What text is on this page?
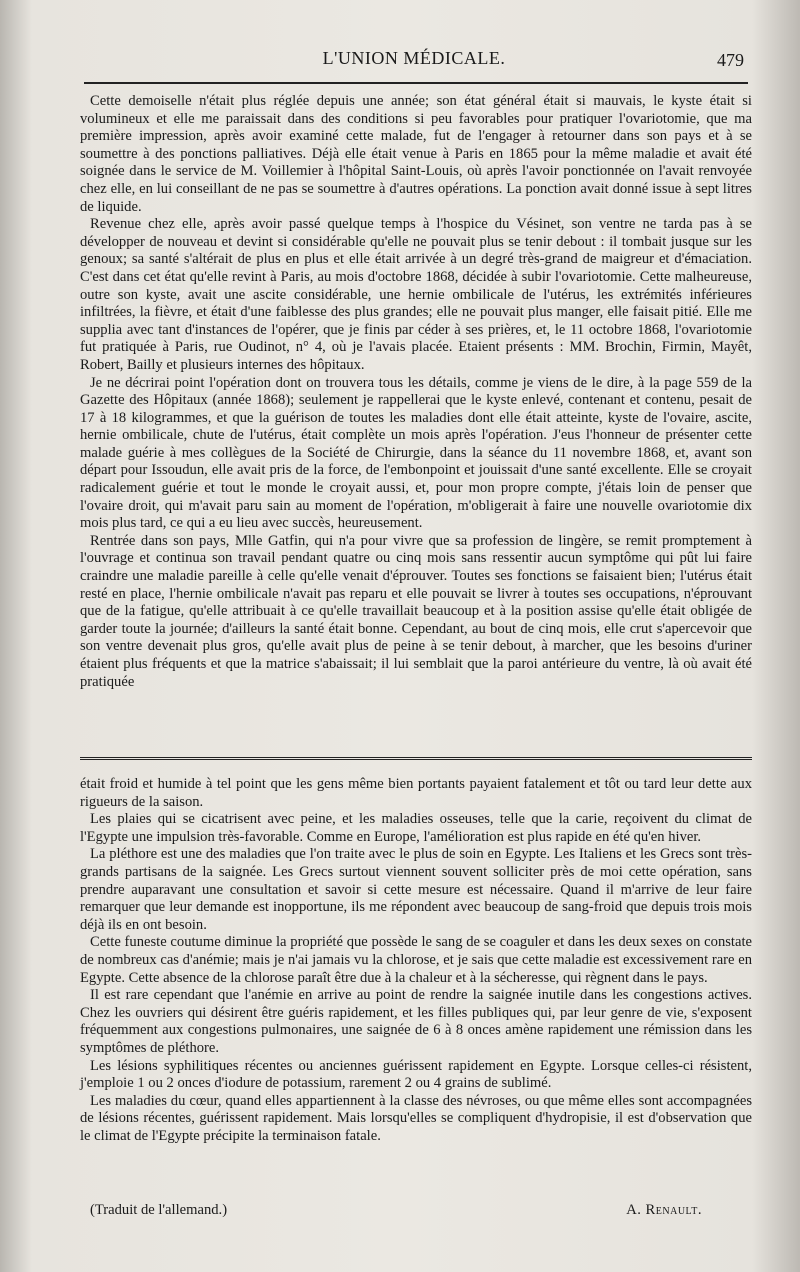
L'UNION MÉDICALE.	479

Cette demoiselle n'était plus réglée depuis une année; son état général était si mauvais, le kyste était si volumineux et elle me paraissait dans des conditions si peu favorables pour pratiquer l'ovariotomie, que ma première impression, après avoir examiné cette malade, fut de l'engager à retourner dans son pays et à se soumettre à des ponctions palliatives. Déjà elle était venue à Paris en 1865 pour la même maladie et avait été soignée dans le service de M. Voillemier à l'hôpital Saint-Louis, où après l'avoir ponctionnée on l'avait renvoyée chez elle, en lui conseillant de ne pas se soumettre à d'autres opérations. La ponction avait donné issue à sept litres de liquide.

Revenue chez elle, après avoir passé quelque temps à l'hospice du Vésinet, son ventre ne tarda pas à se développer de nouveau et devint si considérable qu'elle ne pouvait plus se tenir debout : il tombait jusque sur les genoux; sa santé s'altérait de plus en plus et elle était arrivée à un degré très-grand de maigreur et d'émaciation. C'est dans cet état qu'elle revint à Paris, au mois d'octobre 1868, décidée à subir l'ovariotomie. Cette malheureuse, outre son kyste, avait une ascite considérable, une hernie ombilicale de l'utérus, les extrémités inférieures infiltrées, la fièvre, et était d'une faiblesse des plus grandes; elle ne pouvait plus manger, elle faisait pitié. Elle me supplia avec tant d'instances de l'opérer, que je finis par céder à ses prières, et, le 11 octobre 1868, l'ovariotomie fut pratiquée à Paris, rue Oudinot, n° 4, où je l'avais placée. Etaient présents : MM. Brochin, Firmin, Mayêt, Robert, Bailly et plusieurs internes des hôpitaux.

Je ne décrirai point l'opération dont on trouvera tous les détails, comme je viens de le dire, à la page 559 de la Gazette des Hôpitaux (année 1868); seulement je rappellerai que le kyste enlevé, contenant et contenu, pesait de 17 à 18 kilogrammes, et que la guérison de toutes les maladies dont elle était atteinte, kyste de l'ovaire, ascite, hernie ombilicale, chute de l'utérus, était complète un mois après l'opération. J'eus l'honneur de présenter cette malade guérie à mes collègues de la Société de Chirurgie, dans la séance du 11 novembre 1868, et, avant son départ pour Issoudun, elle avait pris de la force, de l'embonpoint et jouissait d'une santé excellente. Elle se croyait radicalement guérie et tout le monde le croyait aussi, et, pour mon propre compte, j'étais loin de penser que l'ovaire droit, qui m'avait paru sain au moment de l'opération, m'obligerait à faire une nouvelle ovariotomie dix mois plus tard, ce qui a eu lieu avec succès, heureusement.

Rentrée dans son pays, Mlle Gatfin, qui n'a pour vivre que sa profession de lingère, se remit promptement à l'ouvrage et continua son travail pendant quatre ou cinq mois sans ressentir aucun symptôme qui pût lui faire craindre une maladie pareille à celle qu'elle venait d'éprouver. Toutes ses fonctions se faisaient bien; l'utérus était resté en place, l'hernie ombilicale n'avait pas reparu et elle pouvait se livrer à toutes ses occupations, n'éprouvant que de la fatigue, qu'elle attribuait à ce qu'elle travaillait beaucoup et à la position assise qu'elle était obligée de garder toute la journée; d'ailleurs la santé était bonne. Cependant, au bout de cinq mois, elle crut s'apercevoir que son ventre devenait plus gros, qu'elle avait plus de peine à se tenir debout, à marcher, que les besoins d'uriner étaient plus fréquents et que la matrice s'abaissait; il lui semblait que la paroi antérieure du ventre, là où avait été pratiquée

était froid et humide à tel point que les gens même bien portants payaient fatalement et tôt ou tard leur dette aux rigueurs de la saison.

Les plaies qui se cicatrisent avec peine, et les maladies osseuses, telle que la carie, reçoivent du climat de l'Egypte une impulsion très-favorable. Comme en Europe, l'amélioration est plus rapide en été qu'en hiver.

La pléthore est une des maladies que l'on traite avec le plus de soin en Egypte. Les Italiens et les Grecs sont très-grands partisans de la saignée. Les Grecs surtout viennent souvent solliciter près de moi cette opération, sans prendre auparavant une consultation et savoir si cette mesure est nécessaire. Quand il m'arrive de leur faire remarquer que leur demande est inopportune, ils me répondent avec beaucoup de sang-froid que depuis trois mois déjà ils en ont besoin.

Cette funeste coutume diminue la propriété que possède le sang de se coaguler et dans les deux sexes on constate de nombreux cas d'anémie; mais je n'ai jamais vu la chlorose, et je sais que cette maladie est excessivement rare en Egypte. Cette absence de la chlorose paraît être due à la chaleur et à la sécheresse, qui règnent dans le pays.

Il est rare cependant que l'anémie en arrive au point de rendre la saignée inutile dans les congestions actives. Chez les ouvriers qui désirent être guéris rapidement, et les filles publiques qui, par leur genre de vie, s'exposent fréquemment aux congestions pulmonaires, une saignée de 6 à 8 onces amène rapidement une rémission dans les symptômes de pléthore.

Les lésions syphilitiques récentes ou anciennes guérissent rapidement en Egypte. Lorsque celles-ci résistent, j'emploie 1 ou 2 onces d'iodure de potassium, rarement 2 ou 4 grains de sublimé.

Les maladies du cœur, quand elles appartiennent à la classe des névroses, ou que même elles sont accompagnées de lésions récentes, guérissent rapidement. Mais lorsqu'elles se compliquent d'hydropisie, il est d'observation que le climat de l'Egypte précipite la terminaison fatale.

(Traduit de l'allemand.)	A. Renault.
